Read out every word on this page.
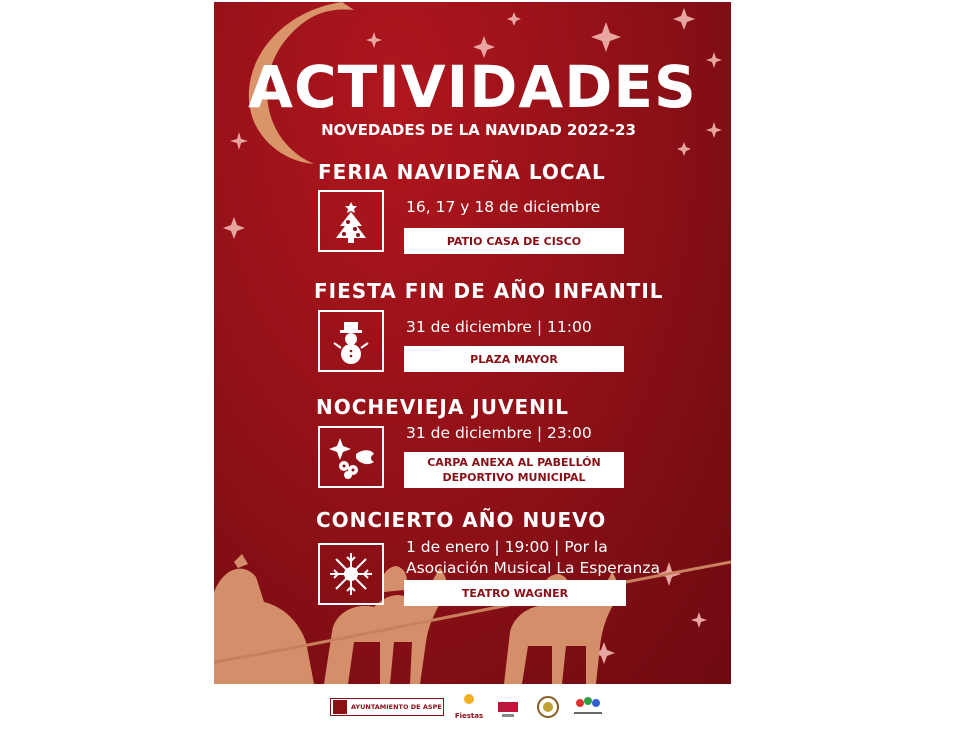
ACTIVIDADES
NOVEDADES DE LA NAVIDAD 2022-23
FERIA NAVIDEÑA LOCAL
16, 17 y 18 de diciembre
PATIO CASA DE CISCO
FIESTA FIN DE AÑO INFANTIL
31 de diciembre | 11:00
PLAZA MAYOR
NOCHEVIEJA JUVENIL
31 de diciembre | 23:00
CARPA ANEXA AL PABELLÓN
DEPORTIVO MUNICIPAL
CONCIERTO AÑO NUEVO
1 de enero | 19:00 | Por la
Asociación Musical La Esperanza
TEATRO WAGNER
AYUNTAMIENTO DE ASPE
Fiestas
